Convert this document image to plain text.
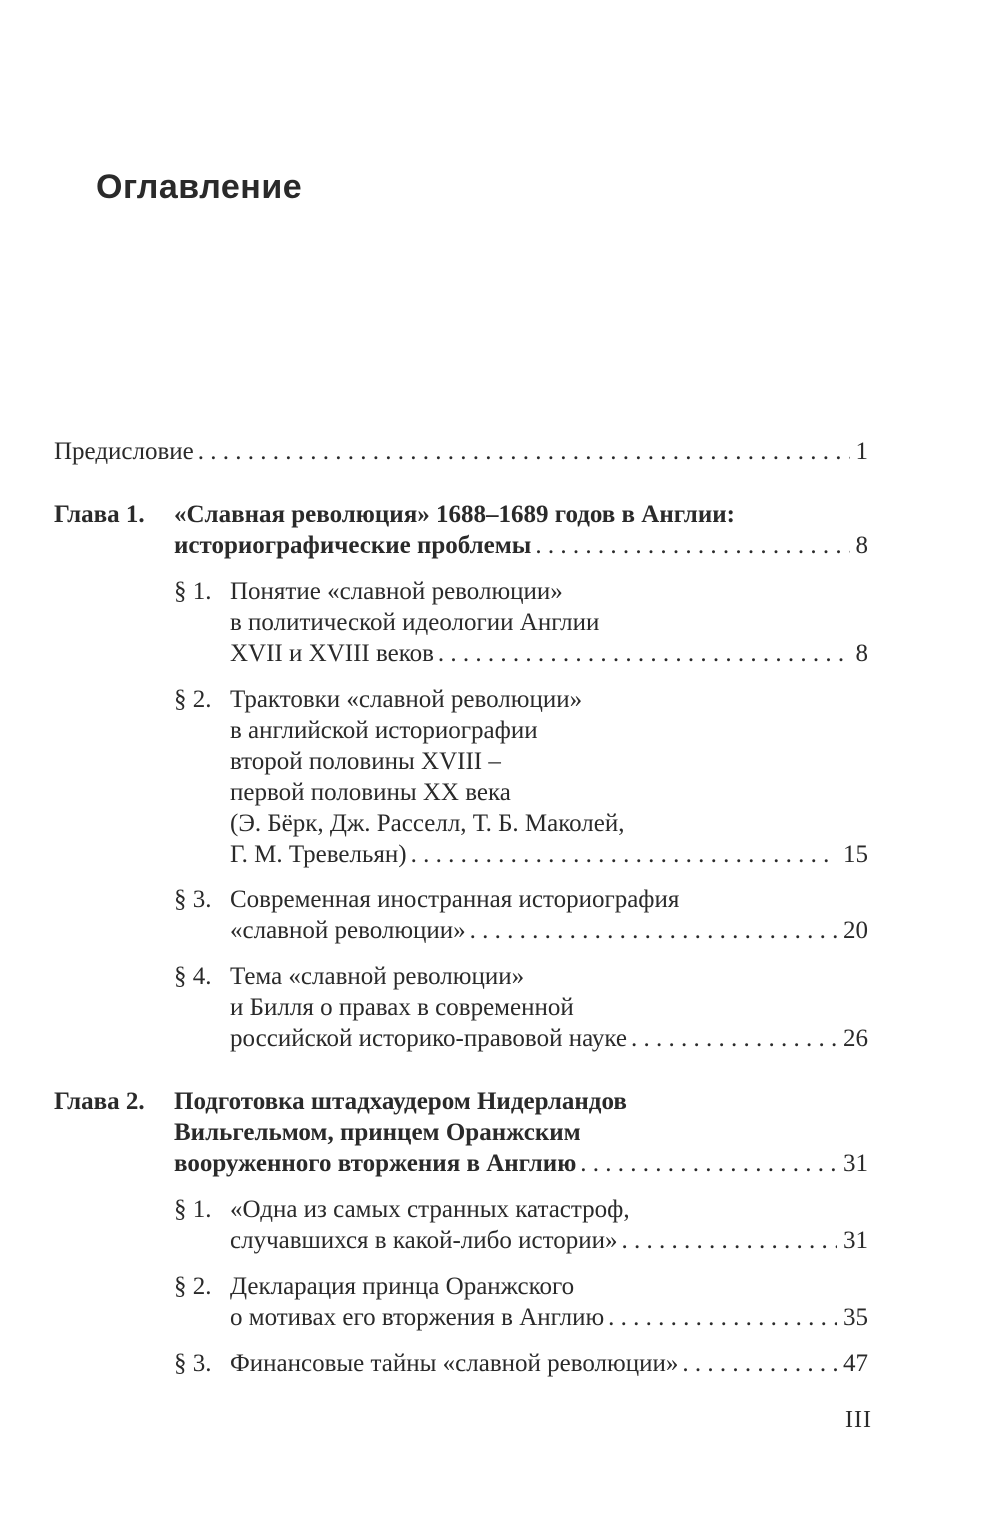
Оглавление
Предисловие . . .	1
Глава 1. «Славная революция» 1688–1689 годов в Англии:
историографические проблемы . . .	8
§ 1. Понятие «славной революции»
в политической идеологии Англии
XVII и XVIII веков . . .	8
§ 2. Трактовки «славной революции»
в английской историографии
второй половины XVIII –
первой половины XX века
(Э. Бёрк, Дж. Расселл, Т. Б. Маколей,
Г. М. Тревельян) . . .	15
§ 3. Современная иностранная историография
«славной революции» . . .	20
§ 4. Тема «славной революции»
и Билля о правах в современной
российской историко-правовой науке . . .	26
Глава 2. Подготовка штадхаудером Нидерландов
Вильгельмом, принцем Оранжским
вооруженного вторжения в Англию . . .	31
§ 1. «Одна из самых странных катастроф,
случавшихся в какой-либо истории» . . .	31
§ 2. Декларация принца Оранжского
о мотивах его вторжения в Англию . . .	35
§ 3. Финансовые тайны «славной революции» . . .	47
III
